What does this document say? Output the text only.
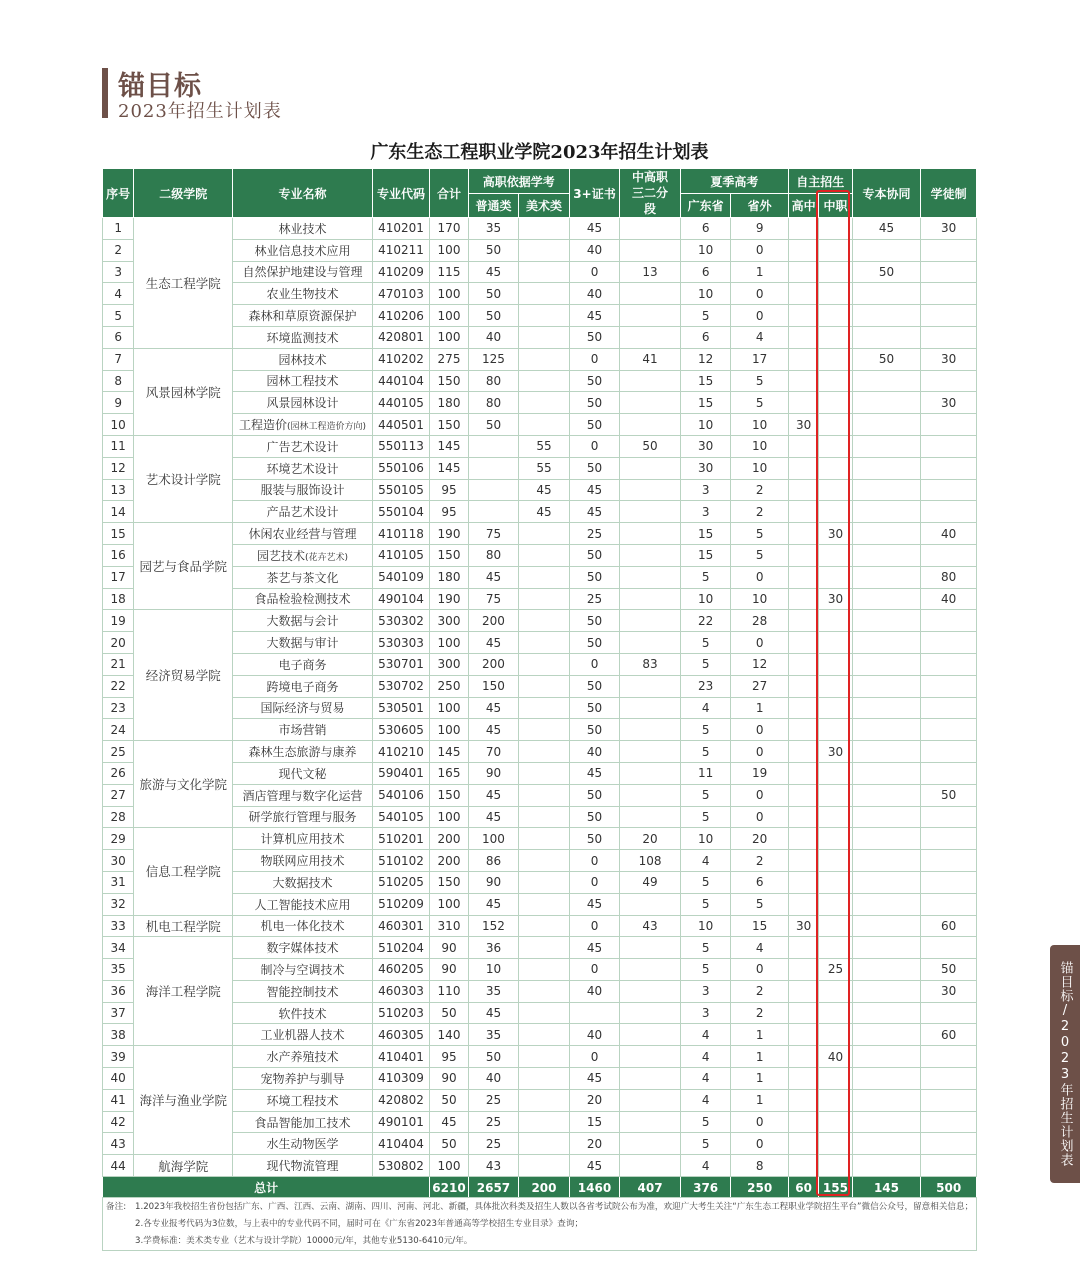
锚目标
2023年招生计划表
广东生态工程职业学院2023年招生计划表
序号	二级学院	专业名称	专业代码	合计	高职依据学考		3+证书	中高职三二分段	夏季高考		自主招生		专本协同	学徒制
					普通类	美术类			广东省	省外	高中	中职		
1	生态工程学院	林业技术	410201	170	35		45		6	9			45	30
2		林业信息技术应用	410211	100	50		40		10	0				
3		自然保护地建设与管理	410209	115	45		0	13	6	1			50	
4		农业生物技术	470103	100	50		40		10	0				
5		森林和草原资源保护	410206	100	50		45		5	0				
6		环境监测技术	420801	100	40		50		6	4				
7	风景园林学院	园林技术	410202	275	125		0	41	12	17			50	30
8		园林工程技术	440104	150	80		50		15	5				
9		风景园林设计	440105	180	80		50		15	5				30
10		工程造价(园林工程造价方向)	440501	150	50		50		10	10	30			
11	艺术设计学院	广告艺术设计	550113	145		55	0	50	30	10				
12		环境艺术设计	550106	145		55	50		30	10				
13		服装与服饰设计	550105	95		45	45		3	2				
14		产品艺术设计	550104	95		45	45		3	2				
15	园艺与食品学院	休闲农业经营与管理	410118	190	75		25		15	5		30		40
16		园艺技术(花卉艺术)	410105	150	80		50		15	5				
17		茶艺与茶文化	540109	180	45		50		5	0				80
18		食品检验检测技术	490104	190	75		25		10	10		30		40
19	经济贸易学院	大数据与会计	530302	300	200		50		22	28				
20		大数据与审计	530303	100	45		50		5	0				
21		电子商务	530701	300	200		0	83	5	12				
22		跨境电子商务	530702	250	150		50		23	27				
23		国际经济与贸易	530501	100	45		50		4	1				
24		市场营销	530605	100	45		50		5	0				
25	旅游与文化学院	森林生态旅游与康养	410210	145	70		40		5	0		30		
26		现代文秘	590401	165	90		45		11	19				
27		酒店管理与数字化运营	540106	150	45		50		5	0				50
28		研学旅行管理与服务	540105	100	45		50		5	0				
29	信息工程学院	计算机应用技术	510201	200	100		50	20	10	20				
30		物联网应用技术	510102	200	86		0	108	4	2				
31		大数据技术	510205	150	90		0	49	5	6				
32		人工智能技术应用	510209	100	45		45		5	5				
33	机电工程学院	机电一体化技术	460301	310	152		0	43	10	15	30			60
34	海洋工程学院	数字媒体技术	510204	90	36		45		5	4				
35		制冷与空调技术	460205	90	10		0		5	0		25		50
36		智能控制技术	460303	110	35		40		3	2				30
37		软件技术	510203	50	45				3	2				
38		工业机器人技术	460305	140	35		40		4	1				60
39	海洋与渔业学院	水产养殖技术	410401	95	50		0		4	1		40		
40		宠物养护与驯导	410309	90	40		45		4	1				
41		环境工程技术	420802	50	25		20		4	1				
42		食品智能加工技术	490101	45	25		15		5	0				
43		水生动物医学	410404	50	25		20		5	0				
44	航海学院	现代物流管理	530802	100	43		45		4	8				
总计				6210	2657	200	1460	407	376	250	60	155	145	500
备注: 1.2023年我校招生省份包括广东、广西、江西、云南、湖南、四川、河南、河北、新疆，具体批次科类及招生人数以各省考试院公布为准，欢迎广大考生关注“广东生态工程职业学院招生平台”微信公众号，留意相关信息；
2.各专业报考代码为3位数，与上表中的专业代码不同，届时可在《广东省2023年普通高等学校招生专业目录》查询；
3.学费标准：美术类专业（艺术与设计学院）10000元/年，其他专业5130-6410元/年。
锚目标/2023年招生计划表
